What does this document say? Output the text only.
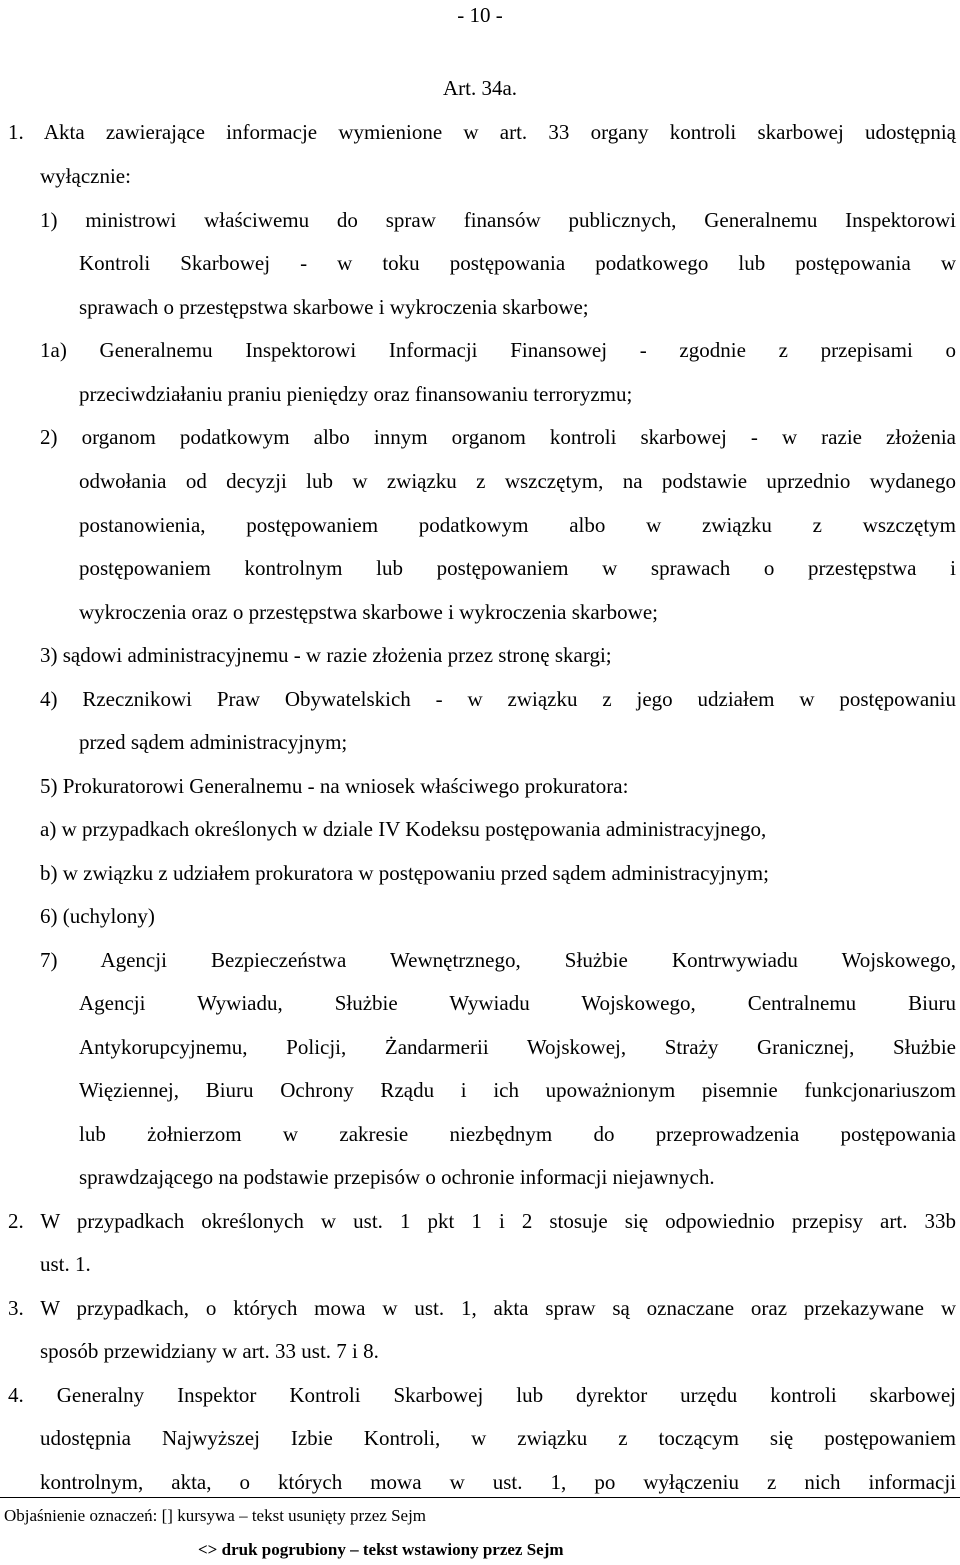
- 10 -
Art. 34a.
1. Akta zawierające informacje wymienione w art. 33 organy kontroli skarbowej udostępnią
wyłącznie:
1) ministrowi właściwemu do spraw finansów publicznych, Generalnemu Inspektorowi
Kontroli Skarbowej - w toku postępowania podatkowego lub postępowania w
sprawach o przestępstwa skarbowe i wykroczenia skarbowe;
1a) Generalnemu Inspektorowi Informacji Finansowej - zgodnie z przepisami o
przeciwdziałaniu praniu pieniędzy oraz finansowaniu terroryzmu;
2) organom podatkowym albo innym organom kontroli skarbowej - w razie złożenia
odwołania od decyzji lub w związku z wszczętym, na podstawie uprzednio wydanego
postanowienia, postępowaniem podatkowym albo w związku z wszczętym
postępowaniem kontrolnym lub postępowaniem w sprawach o przestępstwa i
wykroczenia oraz o przestępstwa skarbowe i wykroczenia skarbowe;
3) sądowi administracyjnemu - w razie złożenia przez stronę skargi;
4) Rzecznikowi Praw Obywatelskich - w związku z jego udziałem w postępowaniu
przed sądem administracyjnym;
5) Prokuratorowi Generalnemu - na wniosek właściwego prokuratora:
a) w przypadkach określonych w dziale IV Kodeksu postępowania administracyjnego,
b) w związku z udziałem prokuratora w postępowaniu przed sądem administracyjnym;
6) (uchylony)
7) Agencji Bezpieczeństwa Wewnętrznego, Służbie Kontrwywiadu Wojskowego,
Agencji Wywiadu, Służbie Wywiadu Wojskowego, Centralnemu Biuru
Antykorupcyjnemu, Policji, Żandarmerii Wojskowej, Straży Granicznej, Służbie
Więziennej, Biuru Ochrony Rządu i ich upoważnionym pisemnie funkcjonariuszom
lub żołnierzom w zakresie niezbędnym do przeprowadzenia postępowania
sprawdzającego na podstawie przepisów o ochronie informacji niejawnych.
2. W przypadkach określonych w ust. 1 pkt 1 i 2 stosuje się odpowiednio przepisy art. 33b
ust. 1.
3. W przypadkach, o których mowa w ust. 1, akta spraw są oznaczane oraz przekazywane w
sposób przewidziany w art. 33 ust. 7 i 8.
4. Generalny Inspektor Kontroli Skarbowej lub dyrektor urzędu kontroli skarbowej
udostępnia Najwyższej Izbie Kontroli, w związku z toczącym się postępowaniem
kontrolnym, akta, o których mowa w ust. 1, po wyłączeniu z nich informacji
Objaśnienie oznaczeń: [] kursywa – tekst usunięty przez Sejm
<> druk pogrubiony – tekst wstawiony przez Sejm
